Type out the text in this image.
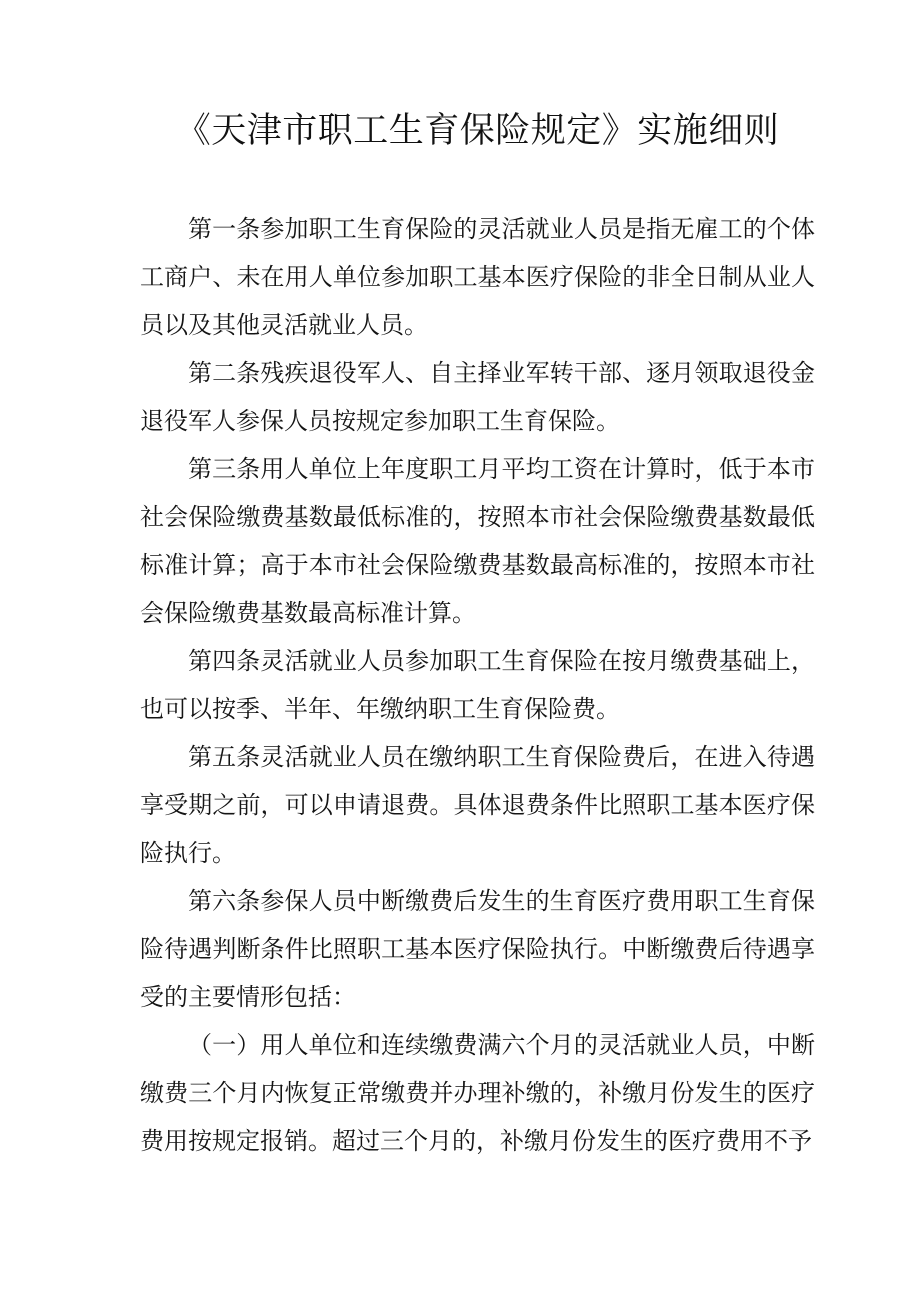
《天津市职工生育保险规定》实施细则

第一条参加职工生育保险的灵活就业人员是指无雇工的个体工商户、未在用人单位参加职工基本医疗保险的非全日制从业人员以及其他灵活就业人员。

第二条残疾退役军人、自主择业军转干部、逐月领取退役金退役军人参保人员按规定参加职工生育保险。

第三条用人单位上年度职工月平均工资在计算时，低于本市社会保险缴费基数最低标准的，按照本市社会保险缴费基数最低标准计算；高于本市社会保险缴费基数最高标准的，按照本市社会保险缴费基数最高标准计算。

第四条灵活就业人员参加职工生育保险在按月缴费基础上，也可以按季、半年、年缴纳职工生育保险费。

第五条灵活就业人员在缴纳职工生育保险费后，在进入待遇享受期之前，可以申请退费。具体退费条件比照职工基本医疗保险执行。

第六条参保人员中断缴费后发生的生育医疗费用职工生育保险待遇判断条件比照职工基本医疗保险执行。中断缴费后待遇享受的主要情形包括：

（一）用人单位和连续缴费满六个月的灵活就业人员，中断缴费三个月内恢复正常缴费并办理补缴的，补缴月份发生的医疗费用按规定报销。超过三个月的，补缴月份发生的医疗费用不予
